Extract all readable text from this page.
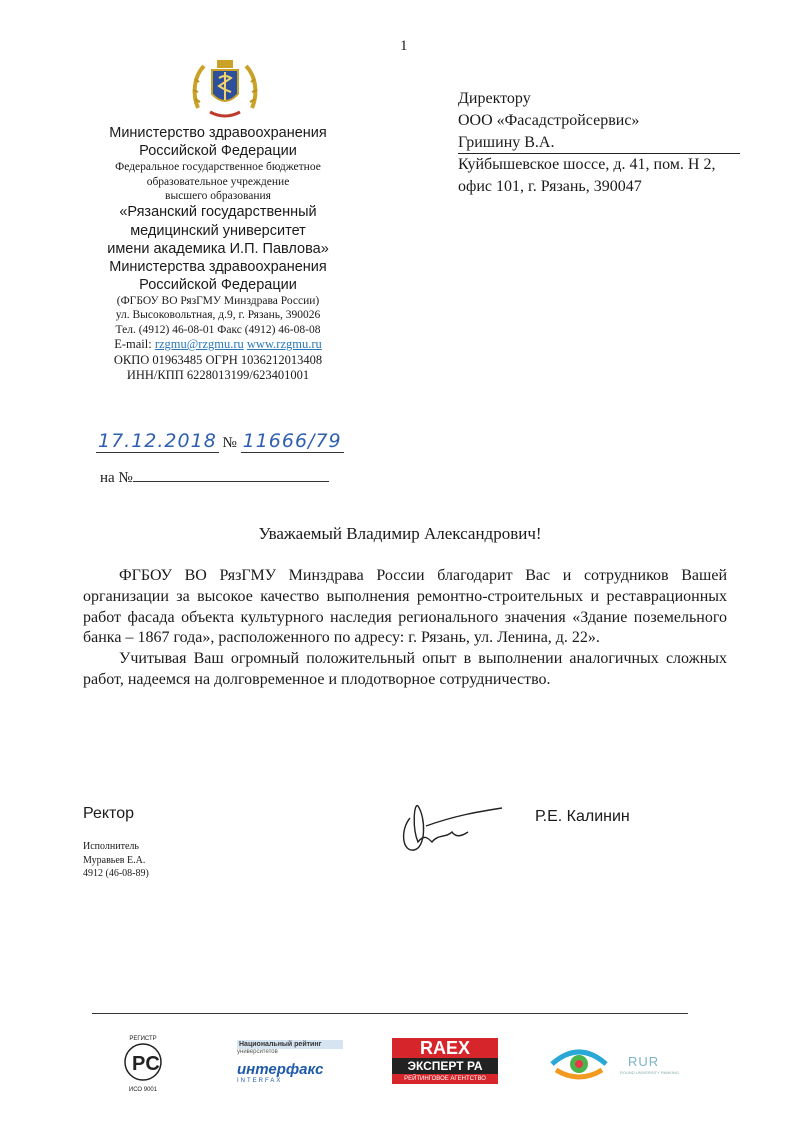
1
Министерство здравоохранения
Российской Федерации
Федеральное государственное бюджетное
образовательное учреждение
высшего образования
«Рязанский государственный
медицинский университет
имени академика И.П. Павлова»
Министерства здравоохранения
Российской Федерации
(ФГБОУ ВО РязГМУ Минздрава России)
ул. Высоковольтная, д.9, г. Рязань, 390026
Тел. (4912) 46-08-01 Факс (4912) 46-08-08
E-mail: rzgmu@rzgmu.ru www.rzgmu.ru
ОКПО 01963485 ОГРН 1036212013408
ИНН/КПП 6228013199/623401001
Директору
ООО «Фасадстройсервис»
Гришину В.А.
Куйбышевское шоссе, д. 41, пом. Н 2,
офис 101, г. Рязань, 390047
17.12.2018 № 11666/79
на №
Уважаемый Владимир Александрович!

ФГБОУ ВО РязГМУ Минздрава России благодарит Вас и сотрудников Вашей организации за высокое качество выполнения ремонтно-строительных и реставрационных работ фасада объекта культурного наследия регионального значения «Здание поземельного банка – 1867 года», расположенного по адресу: г. Рязань, ул. Ленина, д. 22».

Учитывая Ваш огромный положительный опыт в выполнении аналогичных сложных работ, надеемся на долговременное и плодотворное сотрудничество.

Ректор	Р.Е. Калинин
Исполнитель
Муравьев Е.А.
4912 (46-08-89)
РЕГИСТР
PC
ИСО 9001
Национальный рейтинг
университетов
интерфакс
INTERFAX
RAEX
ЭКСПЕРТ РА
РЕЙТИНГОВОЕ АГЕНТСТВО
RUR
ROUND UNIVERSITY RANKING
